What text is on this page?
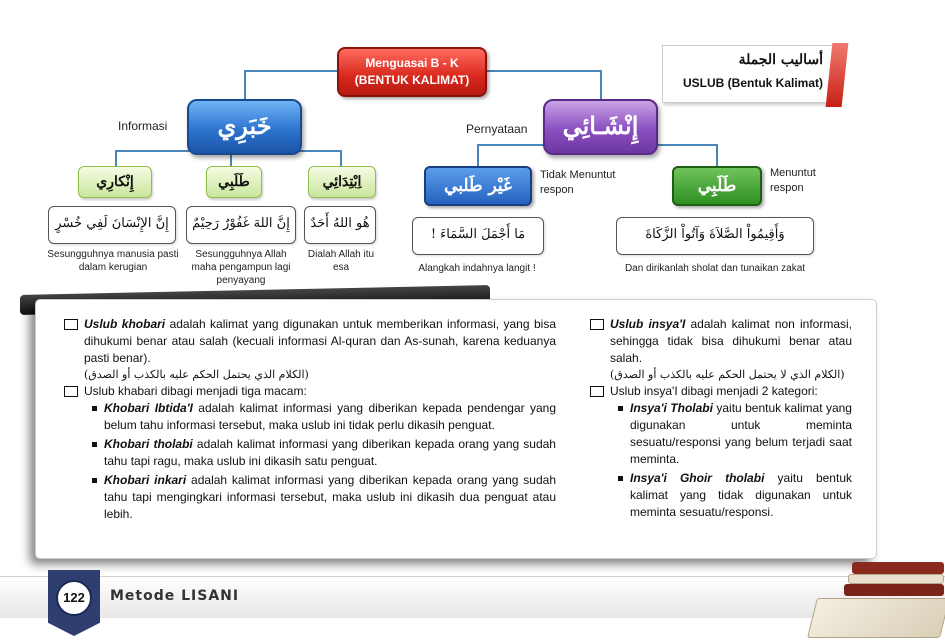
Menguasai B - K
(BENTUK KALIMAT)
أساليب الجملة
USLUB (Bentuk Kalimat)
Informasi	خَبَرِي	Pernyataan	إِنْشَـائِي
إِنْكارِي	طَلَبِي	اِبْتِدَائِي	غَيْر طَلبي
Tidak Menuntut respon	طَلَبِي
Menuntut respon
إِنَّ الإِنْسَانَ لَفِي خُسْرٍ
Sesungguhnya manusia pasti dalam kerugian
إِنَّ اللهَ غَفُوْرٌ رَحِيْمٌ
Sesungguhnya Allah maha pengampun lagi penyayang
هُو اللهُ أَحَدٌ
Dialah Allah itu esa
مَا أَجْمَلَ السَّمَاءَ !
Alangkah indahnya langit !
وَأَقِيمُواْ الصَّلاَةَ وَآتُواْ الزَّكَاةَ
Dan dirikanlah sholat dan tunaikan zakat
Uslub khobari adalah kalimat yang digunakan untuk memberikan informasi, yang bisa dihukumi benar atau salah (kecuali informasi Al-quran dan As-sunah, karena keduanya pasti benar).
(الكلام الذي يحتمل الحكم عليه بالكذب أو الصدق)
Uslub khabari dibagi menjadi tiga macam:
Khobari Ibtida'I adalah kalimat informasi yang diberikan kepada pendengar yang belum tahu informasi tersebut, maka uslub ini tidak perlu dikasih penguat.
Khobari tholabi adalah kalimat informasi yang diberikan kepada orang yang sudah tahu tapi ragu, maka uslub ini dikasih satu penguat.
Khobari inkari adalah kalimat informasi yang diberikan kepada orang yang sudah tahu tapi mengingkari informasi tersebut, maka uslub ini dikasih dua penguat atau lebih.
Uslub insya'I adalah kalimat non informasi, sehingga tidak bisa dihukumi benar atau salah.
(الكلام الذي لا يحتمل الحكم عليه بالكذب أو الصدق)
Uslub insya'I dibagi menjadi 2 kategori:
Insya'i Tholabi yaitu bentuk kalimat yang digunakan untuk meminta sesuatu/responsi yang belum terjadi saat meminta.
Insya'i Ghoir tholabi yaitu bentuk kalimat yang tidak digunakan untuk meminta sesuatu/responsi.
122	Metode LISANI
